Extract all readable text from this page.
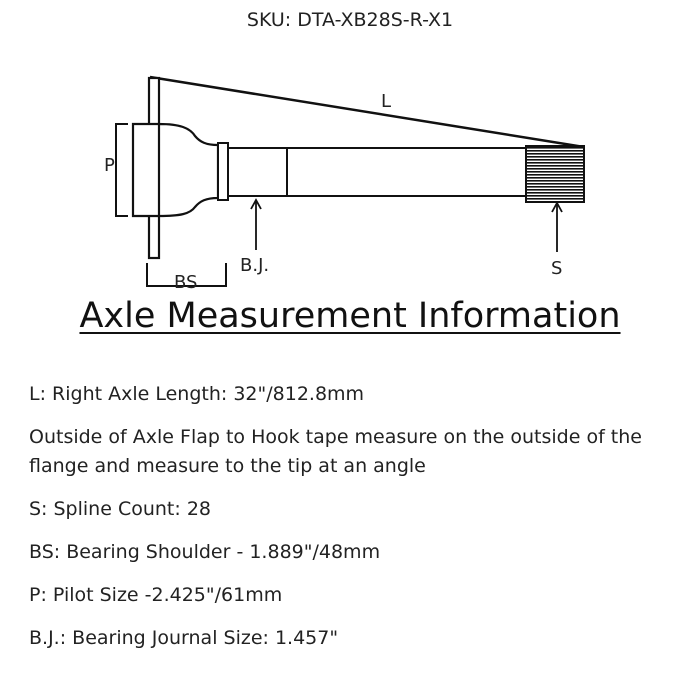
SKU: DTA-XB28S-R-X1
P
BS
B.J.	S
L
Axle Measurement Information

L: Right Axle Length: 32"/812.8mm

Outside of Axle Flap to Hook tape measure on the outside of the flange and measure to the tip at an angle

S: Spline Count: 28

BS: Bearing Shoulder - 1.889"/48mm

P: Pilot Size -2.425"/61mm

B.J.: Bearing Journal Size: 1.457"
